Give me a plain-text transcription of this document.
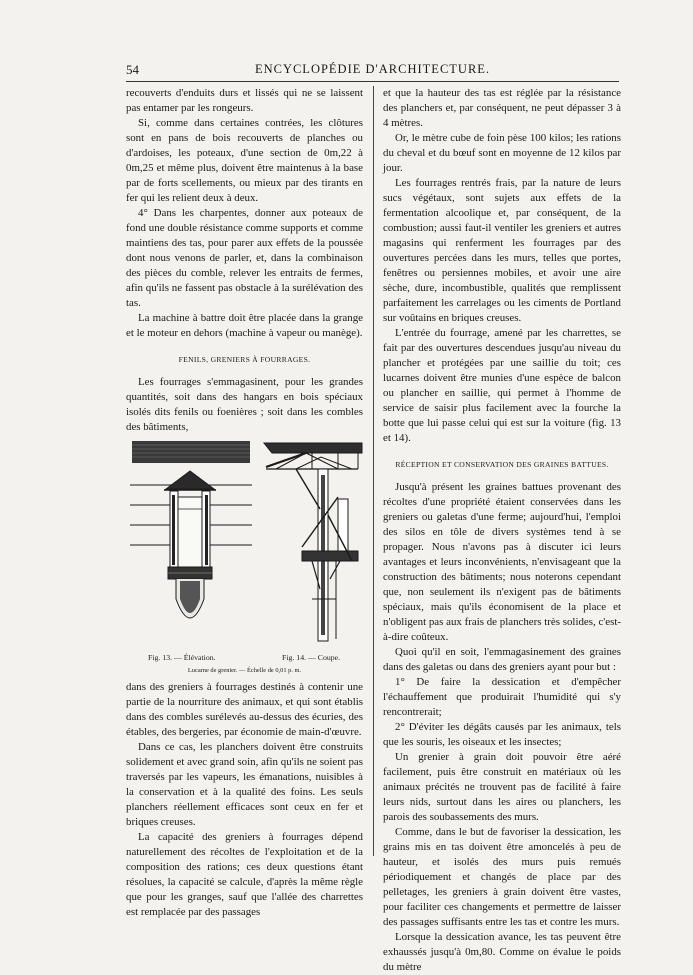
54	ENCYCLOPÉDIE D'ARCHITECTURE.

recouverts d'enduits durs et lissés qui ne se laissent pas entamer par les rongeurs.

Si, comme dans certaines contrées, les clôtures sont en pans de bois recouverts de planches ou d'ardoises, les poteaux, d'une section de 0m,22 à 0m,25 et même plus, doivent être maintenus à la base par de forts scellements, ou mieux par des tirants en fer qui les relient deux à deux.

4° Dans les charpentes, donner aux poteaux de fond une double résistance comme supports et comme maintiens des tas, pour parer aux effets de la poussée dont nous venons de parler, et, dans la combinaison des pièces du comble, relever les entraits de fermes, afin qu'ils ne fassent pas obstacle à la surélévation des tas.

La machine à battre doit être placée dans la grange et le moteur en dehors (machine à vapeur ou manège).

FENILS, GRENIERS À FOURRAGES.

Les fourrages s'emmagasinent, pour les grandes quantités, soit dans des hangars en bois spéciaux isolés dits fenils ou foenières ; soit dans les combles des bâtiments,

Fig. 13. — Élévation.	Fig. 14. — Coupe.
Lucarne de grenier. — Échelle de 0,01 p. m.

dans des greniers à fourrages destinés à contenir une partie de la nourriture des animaux, et qui sont établis dans des combles surélevés au-dessus des écuries, des étables, des bergeries, par économie de main-d'œuvre.

Dans ce cas, les planchers doivent être construits solidement et avec grand soin, afin qu'ils ne soient pas traversés par les vapeurs, les émanations, nuisibles à la conservation et à la qualité des foins. Les seuls planchers réellement efficaces sont ceux en fer et briques creuses.

La capacité des greniers à fourrages dépend naturellement des récoltes de l'exploitation et de la composition des rations; ces deux questions étant résolues, la capacité se calcule, d'après la même règle que pour les granges, sauf que l'allée des charrettes est remplacée par des passages

et que la hauteur des tas est réglée par la résistance des planchers et, par conséquent, ne peut dépasser 3 à 4 mètres.

Or, le mètre cube de foin pèse 100 kilos; les rations du cheval et du bœuf sont en moyenne de 12 kilos par jour.

Les fourrages rentrés frais, par la nature de leurs sucs végétaux, sont sujets aux effets de la fermentation alcoolique et, par conséquent, de la combustion; aussi faut-il ventiler les greniers et autres magasins qui renferment les fourrages par des ouvertures percées dans les murs, telles que portes, fenêtres ou persiennes mobiles, et avoir une aire sèche, dure, incombustible, qualités que remplissent parfaitement les carrelages ou les ciments de Portland sur voûtains en briques creuses.

L'entrée du fourrage, amené par les charrettes, se fait par des ouvertures descendues jusqu'au niveau du plancher et protégées par une saillie du toit; ces lucarnes doivent être munies d'une espèce de balcon ou plancher en saillie, qui permet à l'homme de service de saisir plus facilement avec la fourche la botte que lui passe celui qui est sur la voiture (fig. 13 et 14).

RÉCEPTION ET CONSERVATION DES GRAINES BATTUES.

Jusqu'à présent les graines battues provenant des récoltes d'une propriété étaient conservées dans les greniers ou galetas d'une ferme; aujourd'hui, l'emploi des silos en tôle de divers systèmes tend à se propager. Nous n'avons pas à discuter ici leurs avantages et leurs inconvénients, n'envisageant que la construction des bâtiments; nous noterons cependant que, non seulement ils n'exigent pas de bâtiments spéciaux, mais qu'ils économisent de la place et n'obligent pas aux frais de planchers très solides, c'est-à-dire coûteux.

Quoi qu'il en soit, l'emmagasinement des graines dans des galetas ou dans des greniers ayant pour but :

1° De faire la dessication et d'empêcher l'échauffement que produirait l'humidité qui s'y rencontrerait;

2° D'éviter les dégâts causés par les animaux, tels que les souris, les oiseaux et les insectes;

Un grenier à grain doit pouvoir être aéré facilement, puis être construit en matériaux où les animaux précités ne trouvent pas de facilité à faire leurs nids, surtout dans les aires ou planchers, les parois des soubassements des murs.

Comme, dans le but de favoriser la dessication, les grains mis en tas doivent être amoncelés à peu de hauteur, et isolés des murs puis remués périodiquement et changés de place par des pelletages, les greniers à grain doivent être vastes, pour faciliter ces changements et permettre de laisser des passages suffisants entre les tas et contre les murs.

Lorsque la dessication avance, les tas peuvent être exhaussés jusqu'à 0m,80. Comme on évalue le poids du mètre
